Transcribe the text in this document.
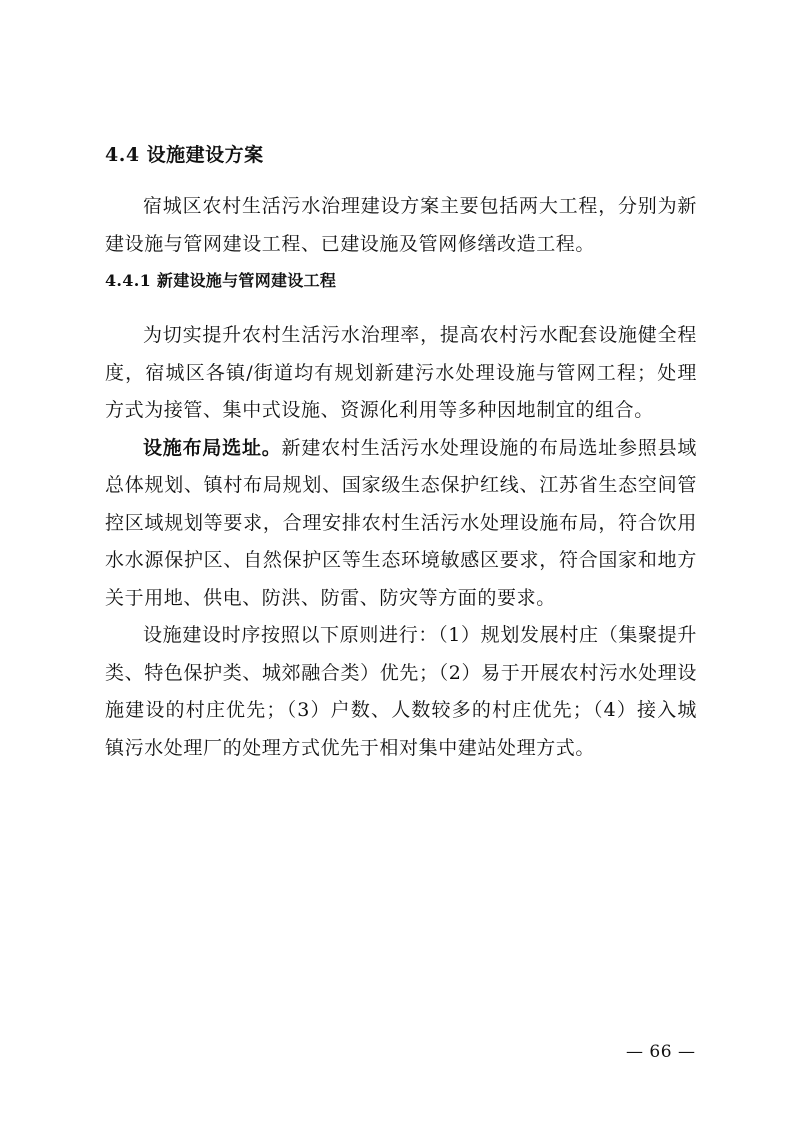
4.4 设施建设方案

宿城区农村生活污水治理建设方案主要包括两大工程，分别为新建设施与管网建设工程、已建设施及管网修缮改造工程。

4.4.1 新建设施与管网建设工程

为切实提升农村生活污水治理率，提高农村污水配套设施健全程度，宿城区各镇/街道均有规划新建污水处理设施与管网工程；处理方式为接管、集中式设施、资源化利用等多种因地制宜的组合。

设施布局选址。新建农村生活污水处理设施的布局选址参照县域总体规划、镇村布局规划、国家级生态保护红线、江苏省生态空间管控区域规划等要求，合理安排农村生活污水处理设施布局，符合饮用水水源保护区、自然保护区等生态环境敏感区要求，符合国家和地方关于用地、供电、防洪、防雷、防灾等方面的要求。

设施建设时序按照以下原则进行：（1）规划发展村庄（集聚提升类、特色保护类、城郊融合类）优先；（2）易于开展农村污水处理设施建设的村庄优先；（3）户数、人数较多的村庄优先；（4）接入城镇污水处理厂的处理方式优先于相对集中建站处理方式。

— 66 —
